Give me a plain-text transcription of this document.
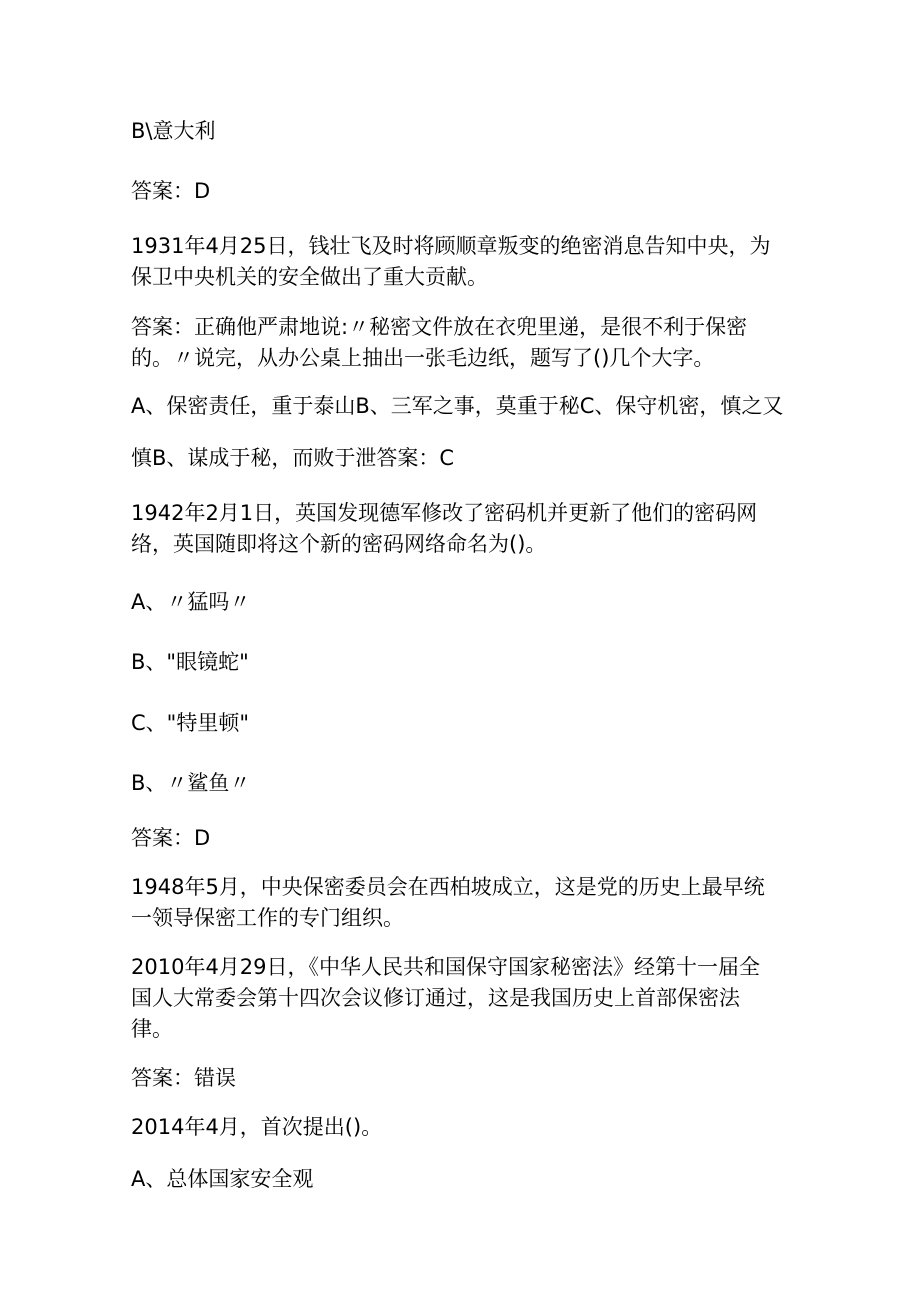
B\意大利
答案：D
1931年4月25日，钱壮飞及时将顾顺章叛变的绝密消息告知中央，为
保卫中央机关的安全做出了重大贡献。
答案：正确他严肃地说:〃秘密文件放在衣兜里递，是很不利于保密
的。〃说完，从办公桌上抽出一张毛边纸，题写了()几个大字。
A、保密责任，重于泰山B、三军之事，莫重于秘C、保守机密，慎之又
慎B、谋成于秘，而败于泄答案：C
1942年2月1日，英国发现德军修改了密码机并更新了他们的密码网
络，英国随即将这个新的密码网络命名为()。
A、〃猛吗〃
B、"眼镜蛇"
C、"特里顿"
B、〃鲨鱼〃
答案：D
1948年5月，中央保密委员会在西柏坡成立，这是党的历史上最早统
一领导保密工作的专门组织。
2010年4月29日，《中华人民共和国保守国家秘密法》经第十一届全
国人大常委会第十四次会议修订通过，这是我国历史上首部保密法
律。
答案：错误
2014年4月，首次提出()。
A、总体国家安全观
